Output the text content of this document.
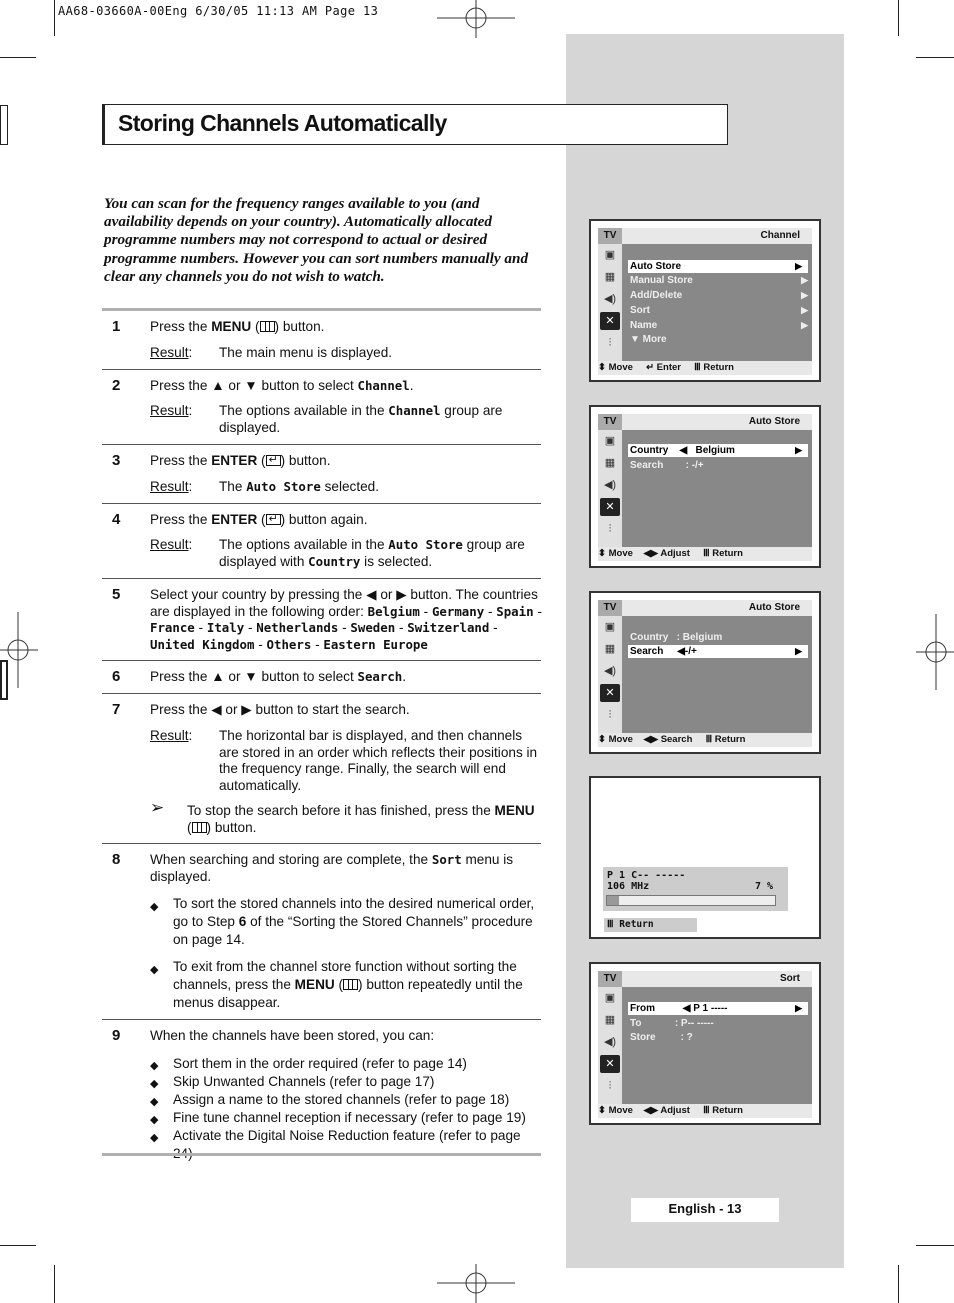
AA68-03660A-00Eng 6/30/05 11:13 AM Page 13
Storing Channels Automatically
You can scan for the frequency ranges available to you (and availability depends on your country). Automatically allocated programme numbers may not correspond to actual or desired programme numbers. However you can sort numbers manually and clear any channels you do not wish to watch.
1 Press the MENU ( ) button.
Result: The main menu is displayed.
2 Press the ▲ or ▼ button to select Channel.
Result: The options available in the Channel group are displayed.
3 Press the ENTER ( ↵ ) button.
Result: The Auto Store selected.
4 Press the ENTER ( ↵ ) button again.
Result: The options available in the Auto Store group are displayed with Country is selected.
5 Select your country by pressing the ◀ or ▶ button. The countries are displayed in the following order: Belgium - Germany - Spain - France - Italy - Netherlands - Sweden - Switzerland - United Kingdom - Others - Eastern Europe
6 Press the ▲ or ▼ button to select Search.
7 Press the ◀ or ▶ button to start the search.
Result: The horizontal bar is displayed, and then channels are stored in an order which reflects their positions in the frequency range. Finally, the search will end automatically.
➢ To stop the search before it has finished, press the MENU
( ) button.
8 When searching and storing are complete, the Sort menu is displayed.
◆ To sort the stored channels into the desired numerical order, go to Step 6 of the “Sorting the Stored Channels” procedure on page 14.
◆ To exit from the channel store function without sorting the channels, press the MENU ( ) button repeatedly until the menus disappear.
9 When the channels have been stored, you can:
◆ Sort them in the order required (refer to page 14)
◆ Skip Unwanted Channels (refer to page 17)
◆ Assign a name to the stored channels (refer to page 18)
◆ Fine tune channel reception if necessary (refer to page 19)
◆ Activate the Digital Noise Reduction feature (refer to page
TV	Channel
▣
▦
◀)
✕
⫶
Auto Store	▶
Manual Store	▶
Add/Delete	▶
Sort	▶
Name	▶
▼ More
⬍ Move     ↵ Enter     Ⅲ Return
TV	Auto Store
▣
▦
◀)
✕
⫶
Country    ◀   Belgium	▶
Search        : -/+
⬍ Move    ◀▶ Adjust     Ⅲ Return
TV	Auto Store
▣
▦
◀)
✕
⫶
Country   : Belgium
Search     ◀-/+	▶
⬍ Move    ◀▶ Search     Ⅲ Return
P 1 C-- -----
106 MHz	7 %
Ⅲ Return
TV	Sort
▣
▦
◀)
✕
⫶
From          ◀ P 1 -----	▶
To            : P-- -----
Store         : ?
⬍ Move    ◀▶ Adjust     Ⅲ Return
English - 13
